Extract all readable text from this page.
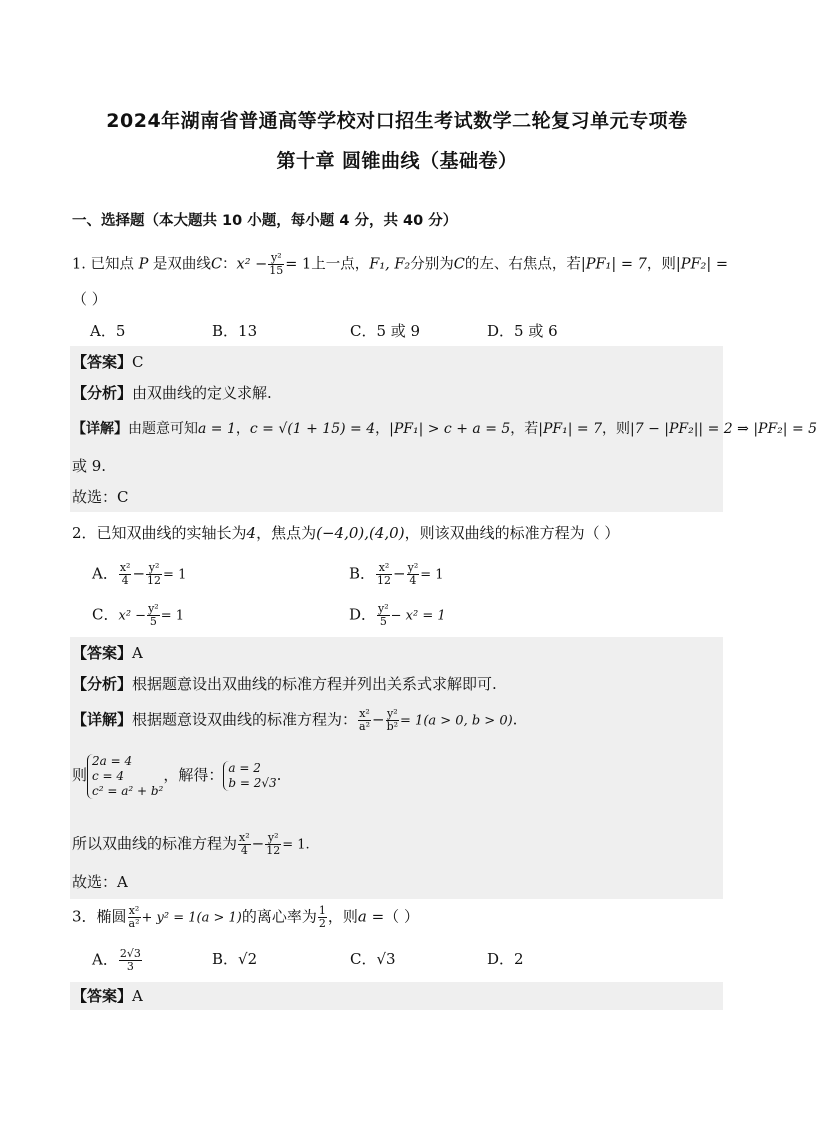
2024年湖南省普通高等学校对口招生考试数学二轮复习单元专项卷
第十章 圆锥曲线（基础卷）
一、选择题（本大题共 10 小题，每小题 4 分，共 40 分）
1. 已知点 P 是双曲线C：$x^2 - \frac{\text{y²}}{15} = 1$上一点，F₁, F₂分别为C的左、右焦点，若|PF₁| = 7，则|PF₂| =
（ ）
A．5	B．13	C．5 或 9	D．5 或 6
【答案】C
【分析】由双曲线的定义求解.
【详解】由题意可知a = 1，c = √(1 + 15) = 4，|PF₁| > c + a = 5，若|PF₁| = 7，则|7 − |PF₂|| = 2 ⇒ |PF₂| = 5
或 9.
故选：C
2．已知双曲线的实轴长为4，焦点为(−4,0),(4,0)，则该双曲线的标准方程为（ ）
A． $\frac{\text{x²}}{4} - \frac{\text{y²}}{12} = 1$	B． $\frac{\text{x²}}{12} - \frac{\text{y²}}{4} = 1$
C．$x^2 - \frac{\text{y²}}{5} = 1$	D． $\frac{\text{y²}}{5} - x^2 = 1$
【答案】A
【分析】根据题意设出双曲线的标准方程并列出关系式求解即可.
【详解】根据题意设双曲线的标准方程为： $\frac{\text{x²}}{\text{a²}} - \frac{\text{y²}}{\text{b²}} = 1(a > 0$, b > 0).
则
2a = 4
c = 4
c² = a² + b²
，解得： a = 2
b = 2√3 .
所以双曲线的标准方程为 $\frac{\text{x²}}{4} - \frac{\text{y²}}{12} = 1$.
故选：A
3．椭圆 $\frac{\text{x²}}{\text{a²}} + y^2 = 1(a > 1)$的离心率为 $\frac{1}{2}$ ，则a =（ ）
A． $\frac{2√3}{3}$	B．√2	C．√3	D．2
【答案】A
